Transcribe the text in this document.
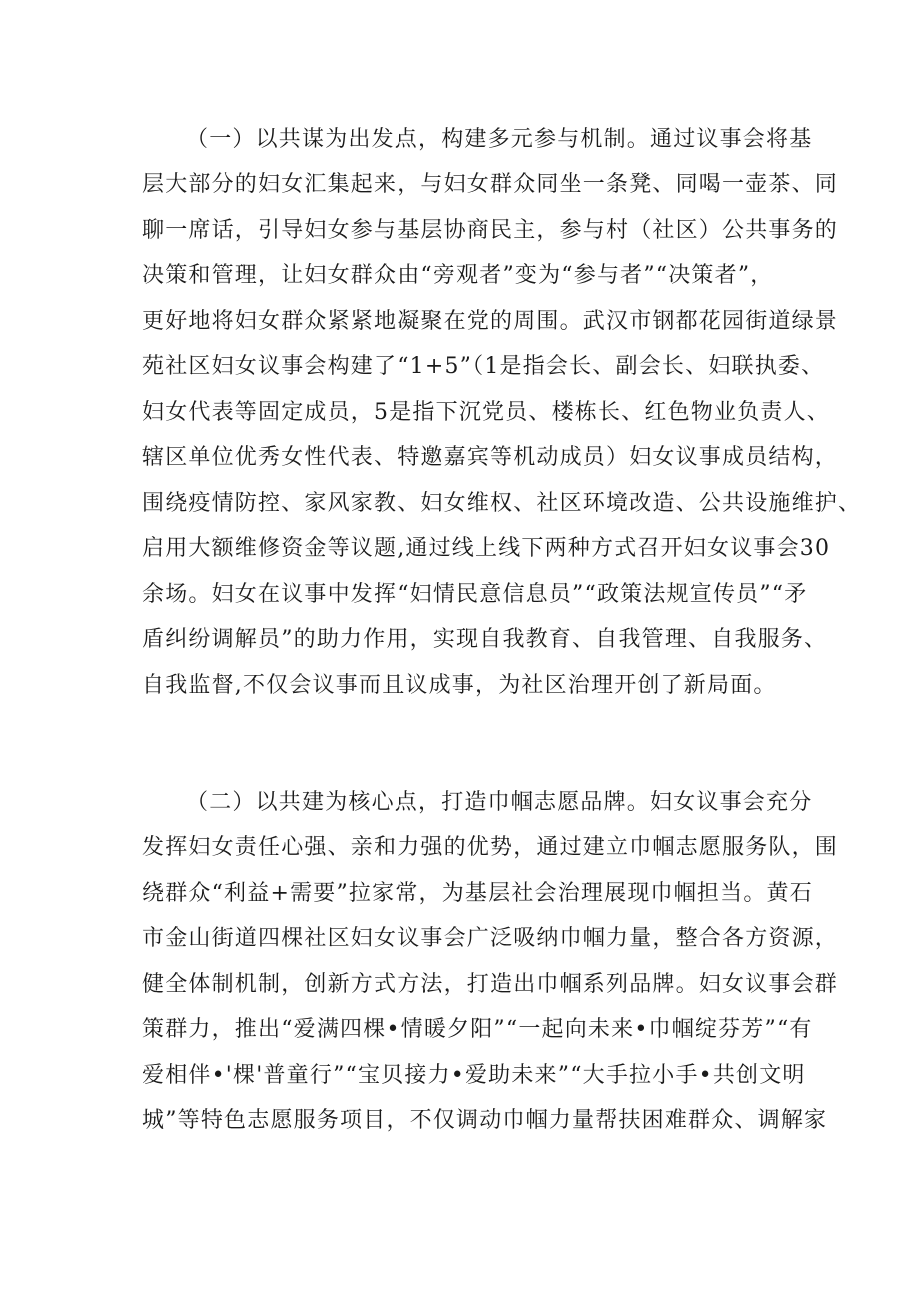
（一）以共谋为出发点，构建多元参与机制。通过议事会将基
层大部分的妇女汇集起来，与妇女群众同坐一条凳、同喝一壶茶、同
聊一席话，引导妇女参与基层协商民主，参与村（社区）公共事务的
决策和管理，让妇女群众由“旁观者”变为“参与者”“决策者”，
更好地将妇女群众紧紧地凝聚在党的周围。武汉市钢都花园街道绿景
苑社区妇女议事会构建了“1+5”（1是指会长、副会长、妇联执委、
妇女代表等固定成员，5是指下沉党员、楼栋长、红色物业负责人、
辖区单位优秀女性代表、特邀嘉宾等机动成员）妇女议事成员结构，
围绕疫情防控、家风家教、妇女维权、社区环境改造、公共设施维护、
启用大额维修资金等议题,通过线上线下两种方式召开妇女议事会30
余场。妇女在议事中发挥“妇情民意信息员”“政策法规宣传员”“矛
盾纠纷调解员”的助力作用，实现自我教育、自我管理、自我服务、
自我监督,不仅会议事而且议成事，为社区治理开创了新局面。
（二）以共建为核心点，打造巾帼志愿品牌。妇女议事会充分
发挥妇女责任心强、亲和力强的优势，通过建立巾帼志愿服务队，围
绕群众“利益+需要”拉家常，为基层社会治理展现巾帼担当。黄石
市金山街道四棵社区妇女议事会广泛吸纳巾帼力量，整合各方资源，
健全体制机制，创新方式方法，打造出巾帼系列品牌。妇女议事会群
策群力，推出“爱满四棵•情暖夕阳”“一起向未来•巾帼绽芬芳”“有
爱相伴•'棵'普童行”“宝贝接力•爱助未来”“大手拉小手•共创文明
城”等特色志愿服务项目，不仅调动巾帼力量帮扶困难群众、调解家
